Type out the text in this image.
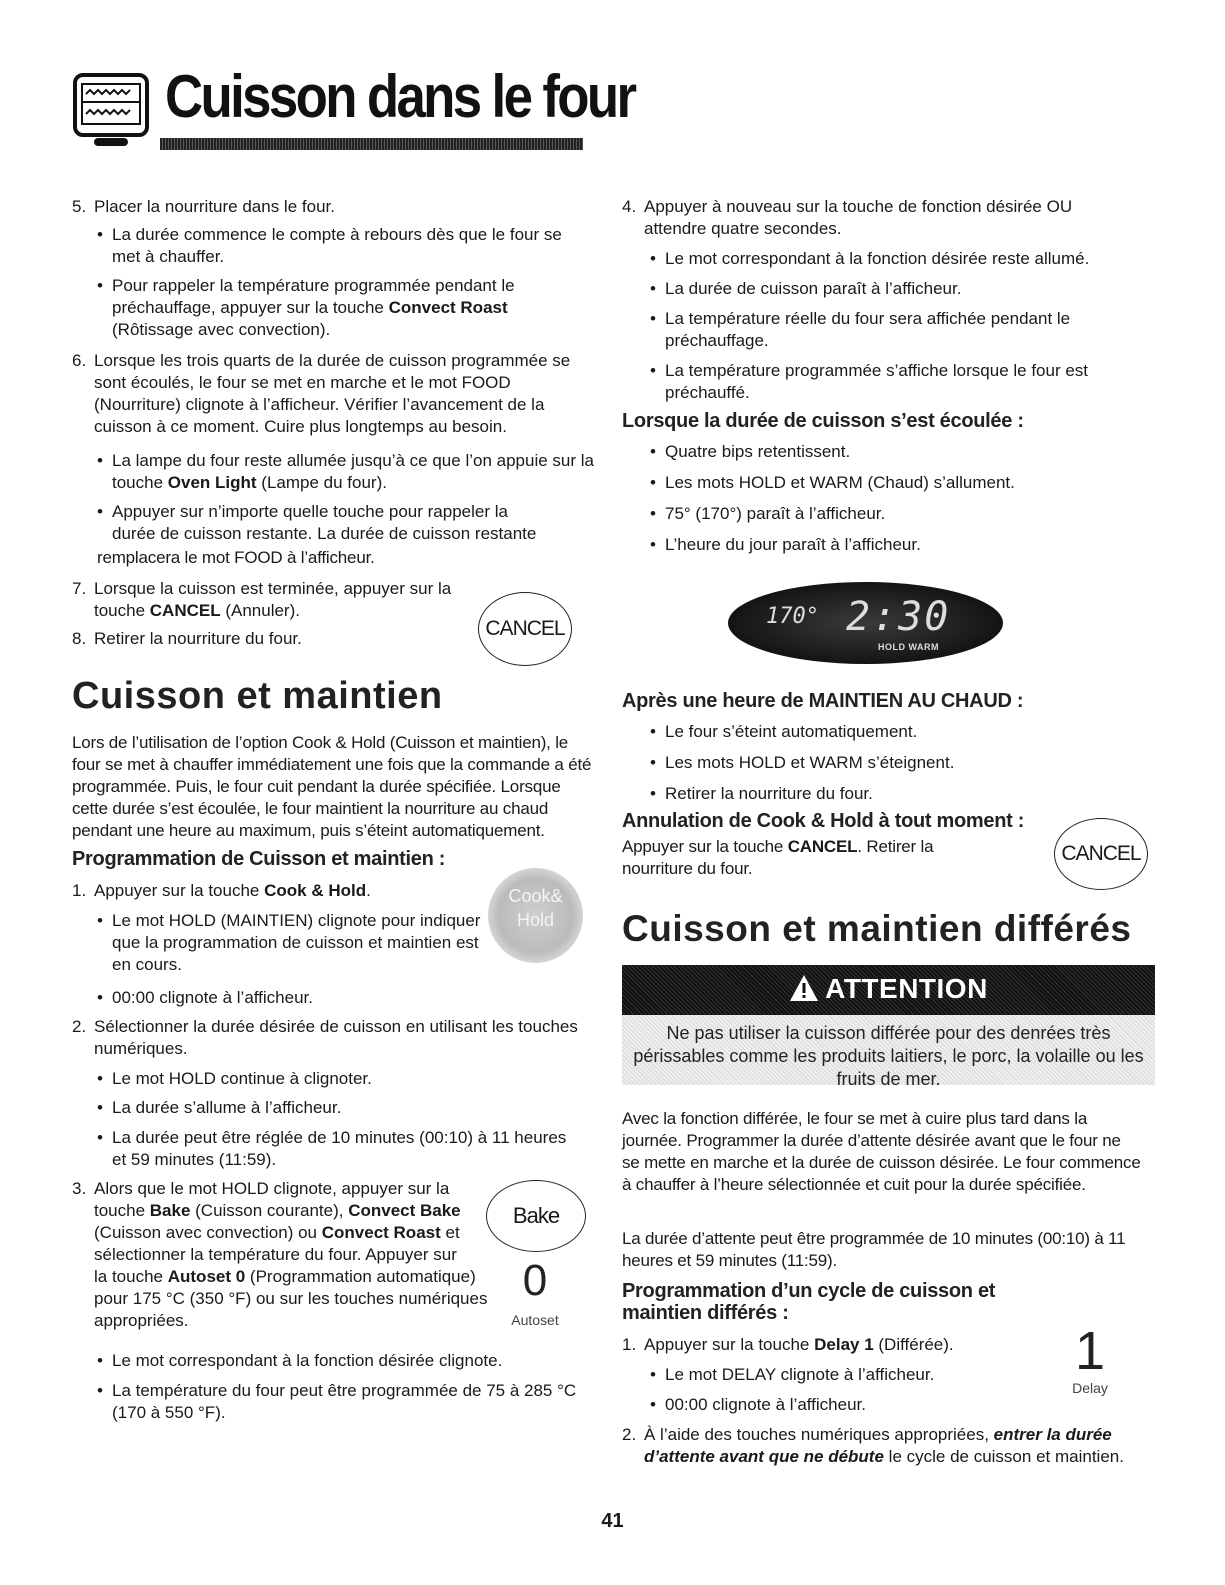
Cuisson dans le four
5. Placer la nourriture dans le four.
• La durée commence le compte à rebours dès que le four se met à chauffer.
• Pour rappeler la température programmée pendant le préchauffage, appuyer sur la touche Convect Roast (Rôtissage avec convection).
6. Lorsque les trois quarts de la durée de cuisson programmée se sont écoulés, le four se met en marche et le mot FOOD (Nourriture) clignote à l’afficheur. Vérifier l’avancement de la cuisson à ce moment. Cuire plus longtemps au besoin.
• La lampe du four reste allumée jusqu’à ce que l’on appuie sur la touche Oven Light (Lampe du four).
• Appuyer sur n’importe quelle touche pour rappeler la durée de cuisson restante. La durée de cuisson restante
remplacera le mot FOOD à l’afficheur.
7. Lorsque la cuisson est terminée, appuyer sur la
touche CANCEL (Annuler).
8. Retirer la nourriture du four.	CANCEL
Cuisson et maintien
Lors de l’utilisation de l’option Cook & Hold (Cuisson et maintien), le four se met à chauffer immédiatement une fois que la commande a été programmée. Puis, le four cuit pendant la durée spécifiée. Lorsque cette durée s’est écoulée, le four maintient la nourriture au chaud pendant une heure au maximum, puis s’éteint automatiquement.
Programmation de Cuisson et maintien :
1. Appuyer sur la touche Cook & Hold.	Cook&
Hold
• Le mot HOLD (MAINTIEN) clignote pour indiquer que la programmation de cuisson et maintien est en cours.
• 00:00 clignote à l’afficheur.
2. Sélectionner la durée désirée de cuisson en utilisant les touches numériques.
• Le mot HOLD continue à clignoter.
• La durée s’allume à l’afficheur.
• La durée peut être réglée de 10 minutes (00:10) à 11 heures et 59 minutes (11:59).
3. Alors que le mot HOLD clignote, appuyer sur la
touche Bake (Cuisson courante), Convect Bake
(Cuisson avec convection) ou Convect Roast et
sélectionner la température du four. Appuyer sur
la touche Autoset 0 (Programmation automatique)
pour 175 °C (350 °F) ou sur les touches numériques
appropriées.
Bake
0
Autoset
• Le mot correspondant à la fonction désirée clignote.
• La température du four peut être programmée de 75 à 285 °C (170 à 550 °F).
4. Appuyer à nouveau sur la touche de fonction désirée OU attendre quatre secondes.
• Le mot correspondant à la fonction désirée reste allumé.
• La durée de cuisson paraît à l’afficheur.
• La température réelle du four sera affichée pendant le préchauffage.
• La température programmée s’affiche lorsque le four est préchauffé.
Lorsque la durée de cuisson s’est écoulée :
• Quatre bips retentissent.
• Les mots HOLD et WARM (Chaud) s’allument.
• 75° (170°) paraît à l’afficheur.
• L’heure du jour paraît à l’afficheur.
170° 2:30
HOLD WARM
Après une heure de MAINTIEN AU CHAUD :
• Le four s’éteint automatiquement.
• Les mots HOLD et WARM s’éteignent.
• Retirer la nourriture du four.
Annulation de Cook & Hold à tout moment :
Appuyer sur la touche CANCEL. Retirer la
nourriture du four.
CANCEL
Cuisson et maintien différés
ATTENTION
Ne pas utiliser la cuisson différée pour des denrées très périssables comme les produits laitiers, le porc, la volaille ou les fruits de mer.
Avec la fonction différée, le four se met à cuire plus tard dans la journée. Programmer la durée d’attente désirée avant que le four ne se mette en marche et la durée de cuisson désirée. Le four commence à chauffer à l’heure sélectionnée et cuit pour la durée spécifiée.
La durée d’attente peut être programmée de 10 minutes (00:10) à 11 heures et 59 minutes (11:59).
Programmation d’un cycle de cuisson et
maintien différés :
1. Appuyer sur la touche Delay 1 (Différée).
• Le mot DELAY clignote à l’afficheur.
• 00:00 clignote à l’afficheur.
1
Delay
2. À l’aide des touches numériques appropriées, entrer la durée d’attente avant que ne débute le cycle de cuisson et maintien.
41
